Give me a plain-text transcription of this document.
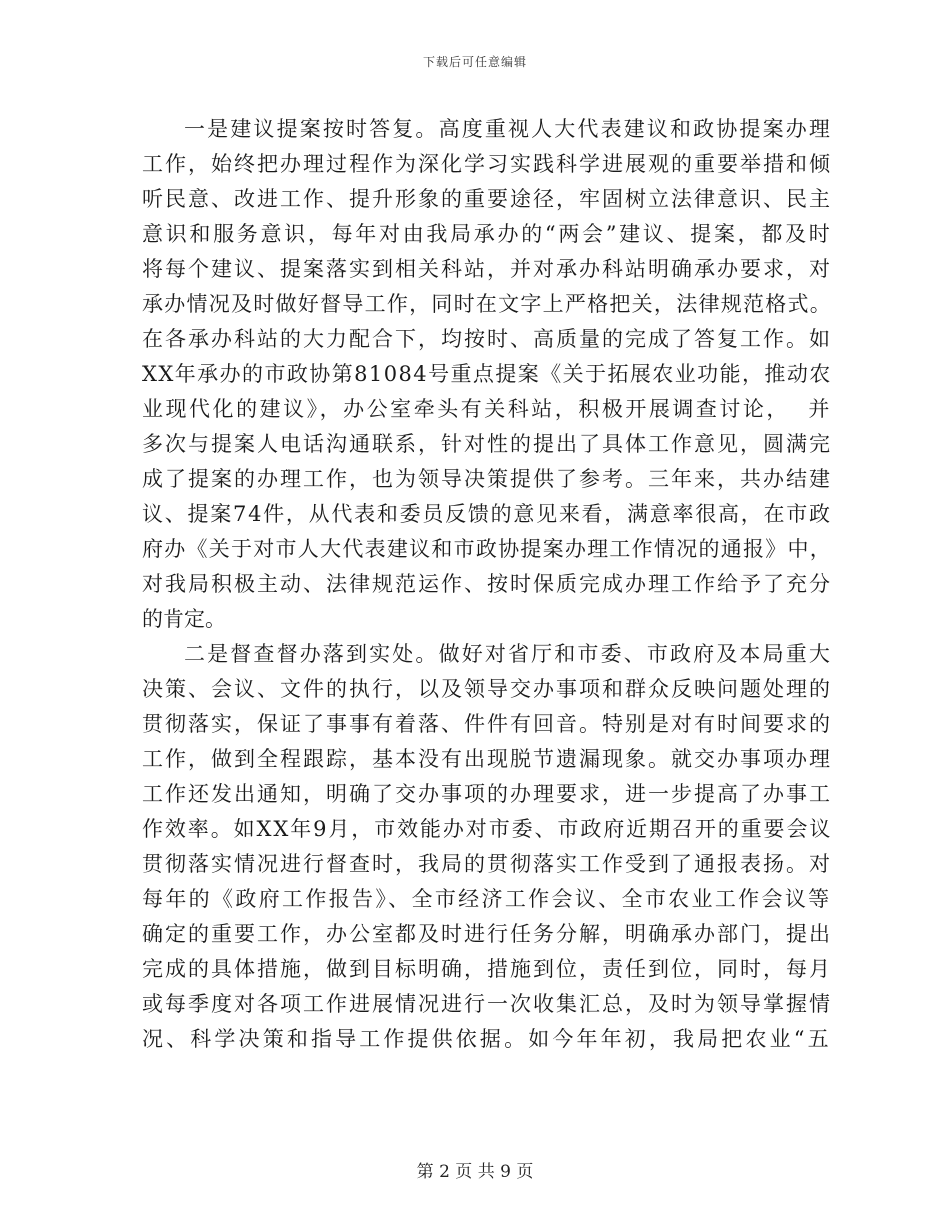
下载后可任意编辑
一是建议提案按时答复。高度重视人大代表建议和政协提案办理
工作，始终把办理过程作为深化学习实践科学进展观的重要举措和倾
听民意、改进工作、提升形象的重要途径，牢固树立法律意识、民主
意识和服务意识，每年对由我局承办的“两会”建议、提案，都及时
将每个建议、提案落实到相关科站，并对承办科站明确承办要求，对
承办情况及时做好督导工作，同时在文字上严格把关，法律规范格式。
在各承办科站的大力配合下，均按时、高质量的完成了答复工作。如
XX年承办的市政协第81084号重点提案《关于拓展农业功能，推动农
业现代化的建议》，办公室牵头有关科站，积极开展调查讨论，  并
多次与提案人电话沟通联系，针对性的提出了具体工作意见，圆满完
成了提案的办理工作，也为领导决策提供了参考。三年来，共办结建
议、提案74件，从代表和委员反馈的意见来看，满意率很高，在市政
府办《关于对市人大代表建议和市政协提案办理工作情况的通报》中，
对我局积极主动、法律规范运作、按时保质完成办理工作给予了充分
的肯定。
二是督查督办落到实处。做好对省厅和市委、市政府及本局重大
决策、会议、文件的执行，以及领导交办事项和群众反映问题处理的
贯彻落实，保证了事事有着落、件件有回音。特别是对有时间要求的
工作，做到全程跟踪，基本没有出现脱节遗漏现象。就交办事项办理
工作还发出通知，明确了交办事项的办理要求，进一步提高了办事工
作效率。如XX年9月，市效能办对市委、市政府近期召开的重要会议
贯彻落实情况进行督查时，我局的贯彻落实工作受到了通报表扬。对
每年的《政府工作报告》、全市经济工作会议、全市农业工作会议等
确定的重要工作，办公室都及时进行任务分解，明确承办部门，提出
完成的具体措施，做到目标明确，措施到位，责任到位，同时，每月
或每季度对各项工作进展情况进行一次收集汇总，及时为领导掌握情
况、科学决策和指导工作提供依据。如今年年初，我局把农业“五
第 2 页 共 9 页
